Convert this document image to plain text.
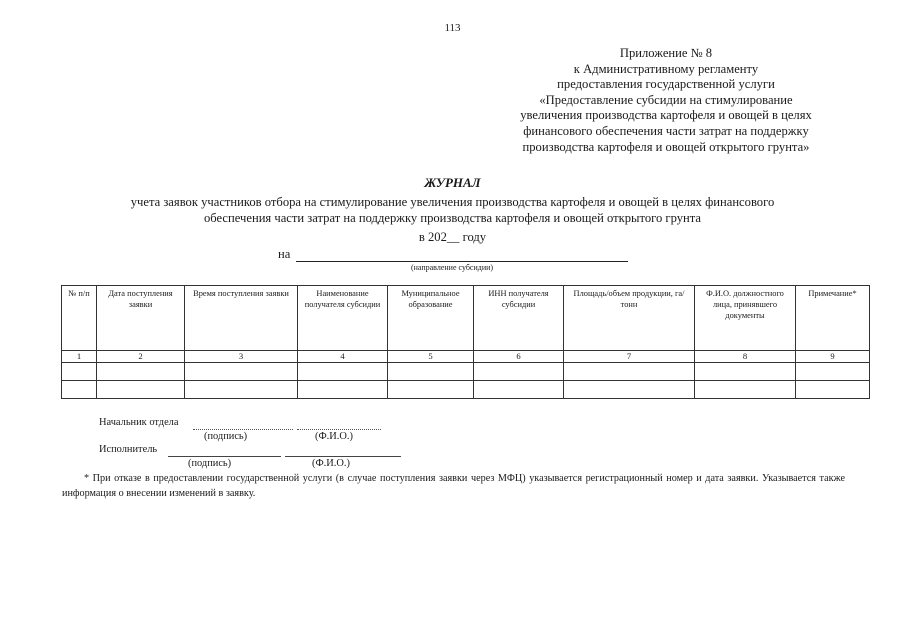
113
Приложение № 8
к Административному регламенту
предоставления государственной услуги
«Предоставление субсидии на стимулирование
увеличения производства картофеля и овощей в целях
финансового обеспечения части затрат на поддержку
производства картофеля и овощей открытого грунта»
ЖУРНАЛ
учета заявок участников отбора на стимулирование увеличения производства картофеля и овощей в целях финансового
обеспечения части затрат на поддержку производства картофеля и овощей открытого грунта
в 202__ году
на
(направление субсидии)
№ п/п	Дата поступления заявки	Время поступления заявки	Наименование получателя субсидии	Муниципальное образование	ИНН получателя субсидии	Площадь/объем продукции, га/тонн	Ф.И.О. должностного лица, принявшего документы	Примечание*
1	2	3	4	5	6	7	8	9

Начальник отдела
(подпись)	(Ф.И.О.)
Исполнитель
(подпись)	(Ф.И.О.)
* При отказе в предоставлении государственной услуги (в случае поступления заявки через МФЦ) указывается регистрационный номер и дата заявки. Указывается также информация о внесении изменений в заявку.
